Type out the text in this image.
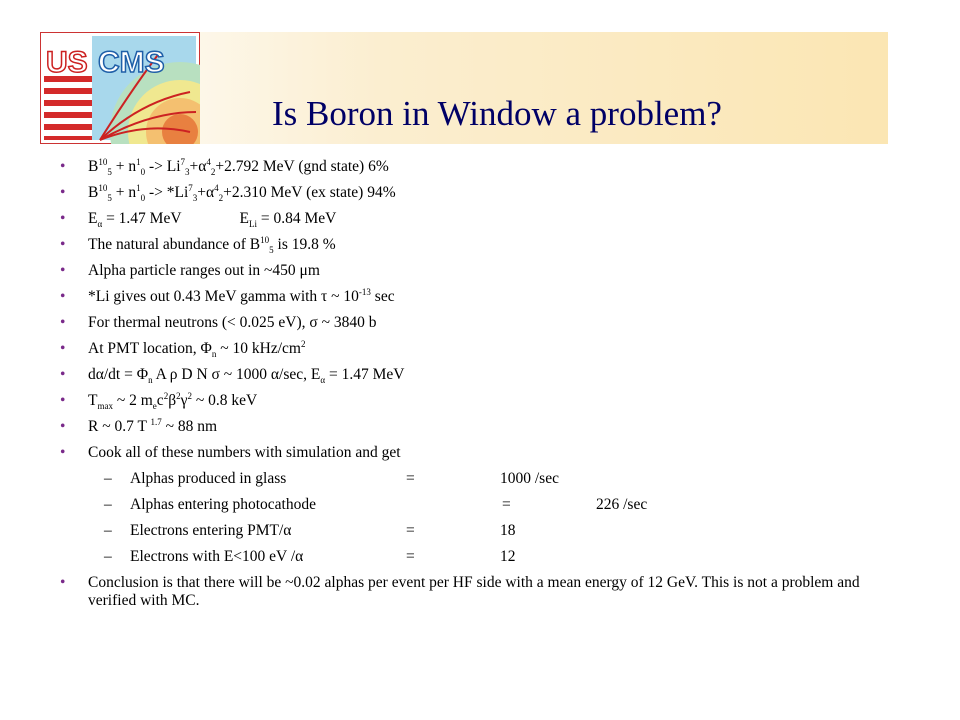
US CMS
Is Boron in Window a problem?
• $B^{10}_5 + n^1_0 -> Li^7_3+\alpha^4_2+2.792$ MeV (gnd state) 6%
• $B^{10}_5 + n^1_0 -> *Li^7_3+\alpha^4_2+2.310$ MeV (ex state) 94%
• $E_\alpha = 1.47$ MeV	$E_{Li} = 0.84$ MeV
• The natural abundance of $B^{10}_5$ is 19.8 %
• Alpha particle ranges out in ~450 μm
• *Li gives out 0.43 MeV gamma with τ ~ $10^{-13}$ sec
• For thermal neutrons (< 0.025 eV), σ ~ 3840 b
• At PMT location, $\Phi_n$ ~ 10 kHz/$cm^2$
• $d\alpha/dt = \Phi_n$ A ρ D N σ ~ 1000 α/sec, $E_\alpha = 1.47$ MeV
• $T_{max}$ ~ 2 $m_ec^2\beta^2\gamma^2$ ~ 0.8 keV
• R ~ 0.7 T $^{1.7}$ ~ 88 nm
• Cook all of these numbers with simulation and get
– Alphas produced in glass	=	1000 /sec
– Alphas entering photocathode	=	226 /sec
– Electrons entering PMT/α	=	18
– Electrons with E<100 eV /α	=	12
• Conclusion is that there will be ~0.02 alphas per event per HF side with a mean energy of 12 GeV. This is not a problem and verified with MC.
